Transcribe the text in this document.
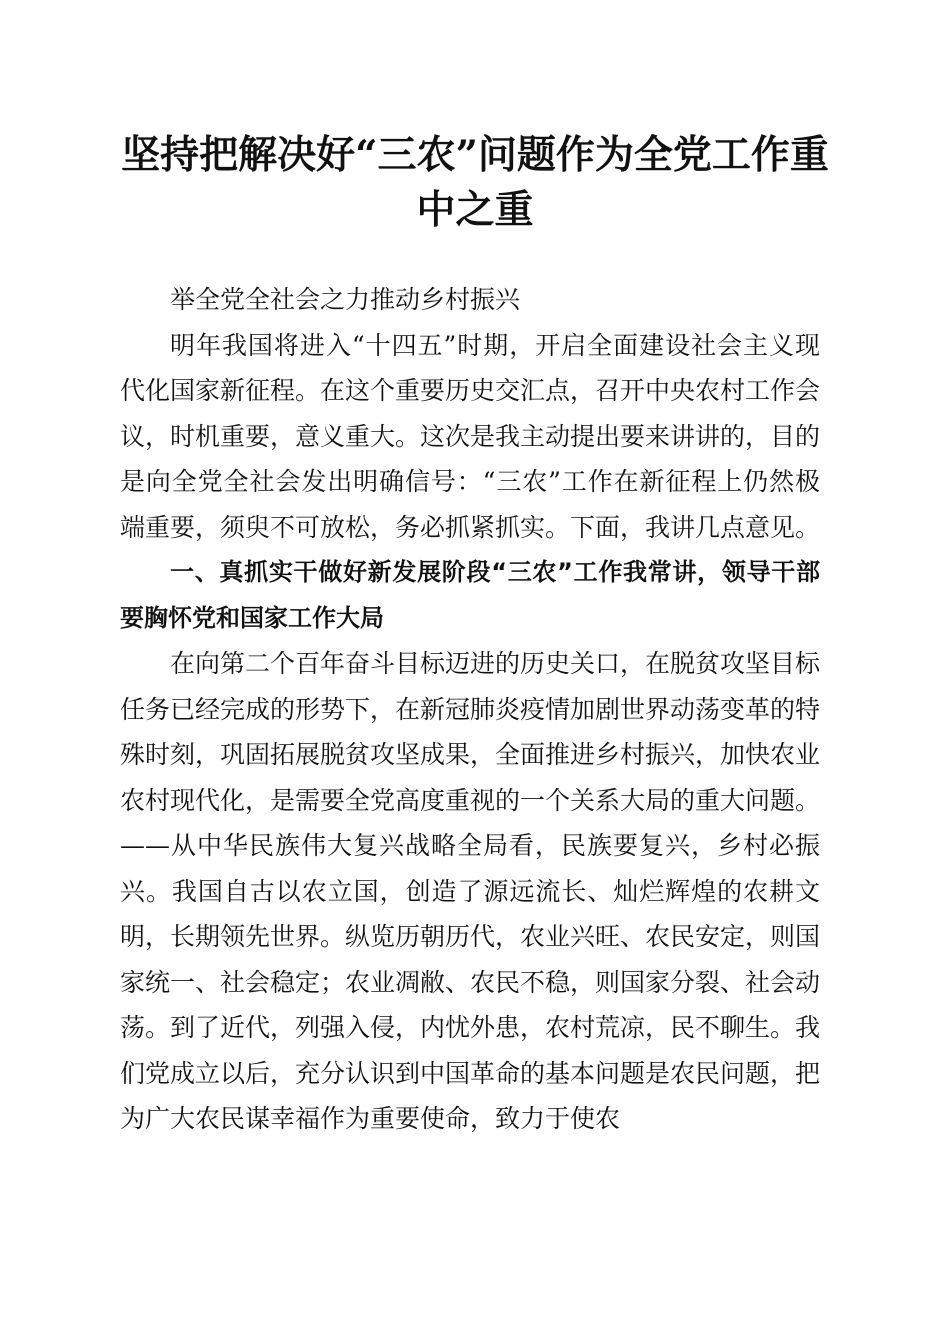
坚持把解决好“三农”问题作为全党工作重中之重

举全党全社会之力推动乡村振兴

明年我国将进入“十四五”时期，开启全面建设社会主义现代化国家新征程。在这个重要历史交汇点，召开中央农村工作会议，时机重要，意义重大。这次是我主动提出要来讲讲的，目的是向全党全社会发出明确信号：“三农”工作在新征程上仍然极端重要，须臾不可放松，务必抓紧抓实。下面，我讲几点意见。

一、真抓实干做好新发展阶段“三农”工作我常讲，领导干部要胸怀党和国家工作大局

在向第二个百年奋斗目标迈进的历史关口，在脱贫攻坚目标任务已经完成的形势下，在新冠肺炎疫情加剧世界动荡变革的特殊时刻，巩固拓展脱贫攻坚成果，全面推进乡村振兴，加快农业农村现代化，是需要全党高度重视的一个关系大局的重大问题。——从中华民族伟大复兴战略全局看，民族要复兴，乡村必振兴。我国自古以农立国，创造了源远流长、灿烂辉煌的农耕文明，长期领先世界。纵览历朝历代，农业兴旺、农民安定，则国家统一、社会稳定；农业凋敝、农民不稳，则国家分裂、社会动荡。到了近代，列强入侵，内忧外患，农村荒凉，民不聊生。我们党成立以后，充分认识到中国革命的基本问题是农民问题，把为广大农民谋幸福作为重要使命，致力于使农
